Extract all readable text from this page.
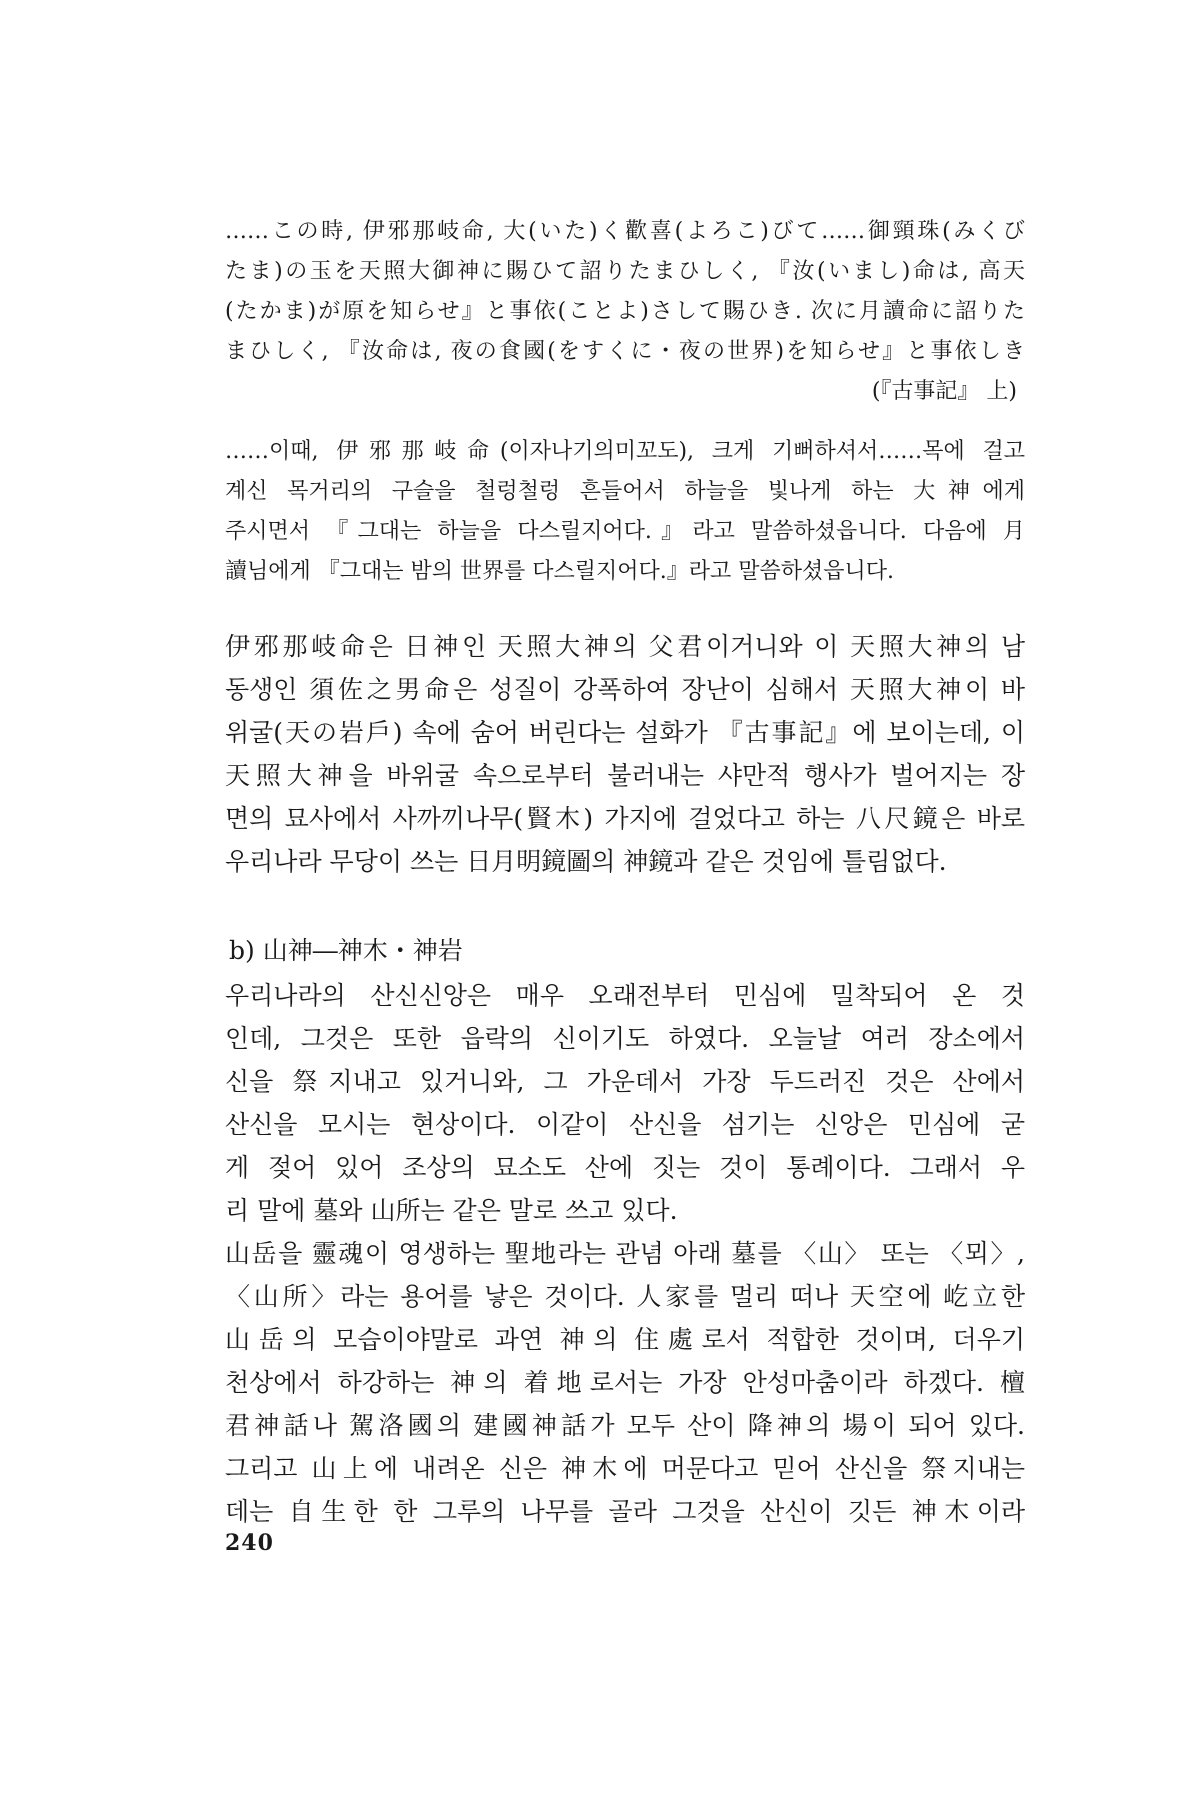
……この時, 伊邪那岐命, 大(いた)く歡喜(よろこ)びて……御頸珠(みくび
たま)の玉を天照大御神に賜ひて詔りたまひしく, 『汝(いまし)命は, 高天
(たかま)が原を知らせ』と事依(ことよ)さして賜ひき. 次に月讀命に詔りた
まひしく, 『汝命は, 夜の食國(をすくに・夜の世界)を知らせ』と事依しき
(『古事記』 上)
……이때, 伊邪那岐命(이자나기의미꼬도), 크게 기뻐하셔서……목에 걸고
계신 목거리의 구슬을 철렁철렁 흔들어서 하늘을 빛나게 하는 大神에게
주시면서 『그대는 하늘을 다스릴지어다.』라고 말씀하셨읍니다. 다음에 月
讀님에게 『그대는 밤의 世界를 다스릴지어다.』라고 말씀하셨읍니다.
伊邪那岐命은 日神인 天照大神의 父君이거니와 이 天照大神의 남
동생인 須佐之男命은 성질이 강폭하여 장난이 심해서 天照大神이 바
위굴(天の岩戶) 속에 숨어 버린다는 설화가 『古事記』에 보이는데, 이
天照大神을 바위굴 속으로부터 불러내는 샤만적 행사가 벌어지는 장
면의 묘사에서 사까끼나무(賢木) 가지에 걸었다고 하는 八尺鏡은 바로
우리나라 무당이 쓰는 日月明鏡圖의 神鏡과 같은 것임에 틀림없다.
b) 山神―神木・神岩
우리나라의 산신신앙은 매우 오래전부터 민심에 밀착되어 온 것
인데, 그것은 또한 읍락의 신이기도 하였다. 오늘날 여러 장소에서
신을 祭지내고 있거니와, 그 가운데서 가장 두드러진 것은 산에서
산신을 모시는 현상이다. 이같이 산신을 섬기는 신앙은 민심에 굳
게 젖어 있어 조상의 묘소도 산에 짓는 것이 통례이다. 그래서 우
리 말에 墓와 山所는 같은 말로 쓰고 있다.
山岳을 靈魂이 영생하는 聖地라는 관념 아래 墓를 〈山〉 또는 〈뫼〉,
〈山所〉라는 용어를 낳은 것이다. 人家를 멀리 떠나 天空에 屹立한
山岳의 모습이야말로 과연 神의 住處로서 적합한 것이며, 더우기
천상에서 하강하는 神의 着地로서는 가장 안성마춤이라 하겠다. 檀
君神話나 駕洛國의 建國神話가 모두 산이 降神의 場이 되어 있다.
그리고 山上에 내려온 신은 神木에 머문다고 믿어 산신을 祭지내는
데는 自生한 한 그루의 나무를 골라 그것을 산신이 깃든 神木이라
240
